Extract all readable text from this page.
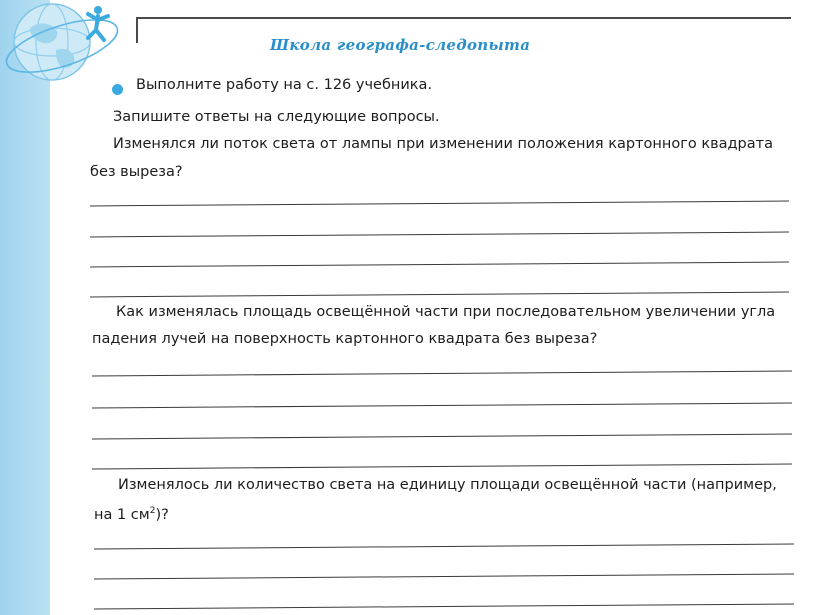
Школа географа-следопыта
Выполните работу на с. 126 учебника.
Запишите ответы на следующие вопросы.
Изменялся ли поток света от лампы при изменении положения картонного квадрата
без выреза?
Как изменялась площадь освещённой части при последовательном увеличении угла
падения лучей на поверхность картонного квадрата без выреза?
Изменялось ли количество света на единицу площади освещённой части (например,
на 1 $см^2$)?
